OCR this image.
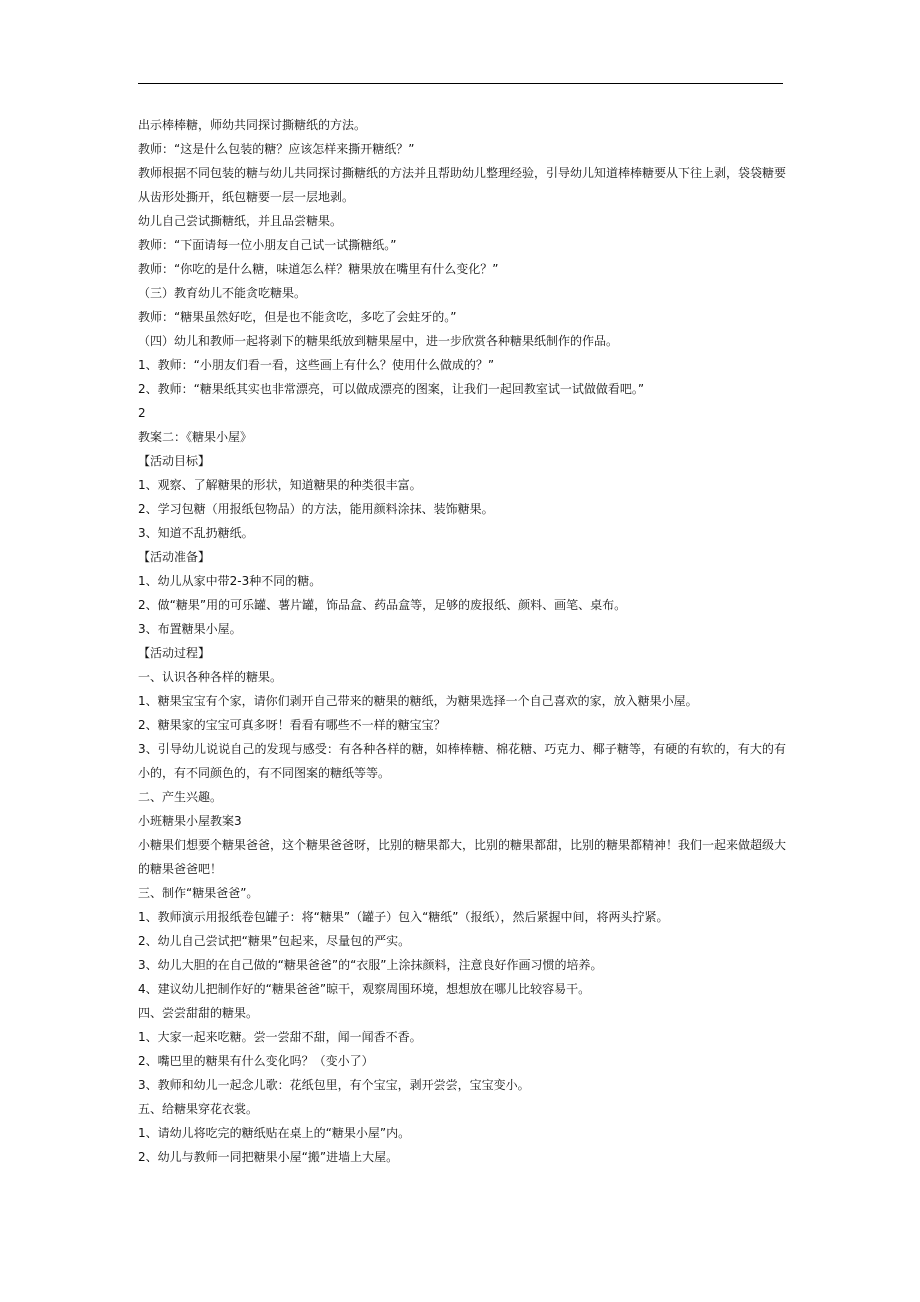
出示棒棒糖，师幼共同探讨撕糖纸的方法。

教师：“这是什么包装的糖？应该怎样来撕开糖纸？”

教师根据不同包装的糖与幼儿共同探讨撕糖纸的方法并且帮助幼儿整理经验，引导幼儿知道棒棒糖要从下往上剥，袋袋糖要从齿形处撕开，纸包糖要一层一层地剥。

幼儿自己尝试撕糖纸，并且品尝糖果。

教师：“下面请每一位小朋友自己试一试撕糖纸。”

教师：“你吃的是什么糖，味道怎么样？糖果放在嘴里有什么变化？”

（三）教育幼儿不能贪吃糖果。

教师：“糖果虽然好吃，但是也不能贪吃，多吃了会蛀牙的。”

（四）幼儿和教师一起将剥下的糖果纸放到糖果屋中，进一步欣赏各种糖果纸制作的作品。

1、教师：“小朋友们看一看，这些画上有什么？使用什么做成的？”

2、教师：“糖果纸其实也非常漂亮，可以做成漂亮的图案，让我们一起回教室试一试做做看吧。”

2

教案二：《糖果小屋》

【活动目标】

1、观察、了解糖果的形状，知道糖果的种类很丰富。

2、学习包糖（用报纸包物品）的方法，能用颜料涂抹、装饰糖果。

3、知道不乱扔糖纸。

【活动准备】

1、幼儿从家中带2-3种不同的糖。

2、做“糖果”用的可乐罐、薯片罐，饰品盒、药品盒等，足够的废报纸、颜料、画笔、桌布。

3、布置糖果小屋。

【活动过程】

一、认识各种各样的糖果。

1、糖果宝宝有个家，请你们剥开自己带来的糖果的糖纸，为糖果选择一个自己喜欢的家，放入糖果小屋。

2、糖果家的宝宝可真多呀！看看有哪些不一样的糖宝宝？

3、引导幼儿说说自己的发现与感受：有各种各样的糖，如棒棒糖、棉花糖、巧克力、椰子糖等，有硬的有软的，有大的有小的，有不同颜色的，有不同图案的糖纸等等。

二、产生兴趣。

小班糖果小屋教案3

小糖果们想要个糖果爸爸，这个糖果爸爸呀，比别的糖果都大，比别的糖果都甜，比别的糖果都精神！我们一起来做超级大的糖果爸爸吧！

三、制作“糖果爸爸”。

1、教师演示用报纸卷包罐子：将“糖果”（罐子）包入“糖纸”（报纸），然后紧握中间，将两头拧紧。

2、幼儿自己尝试把“糖果”包起来，尽量包的严实。

3、幼儿大胆的在自己做的“糖果爸爸”的“衣服”上涂抹颜料，注意良好作画习惯的培养。

4、建议幼儿把制作好的“糖果爸爸”晾干，观察周围环境，想想放在哪儿比较容易干。

四、尝尝甜甜的糖果。

1、大家一起来吃糖。尝一尝甜不甜，闻一闻香不香。

2、嘴巴里的糖果有什么变化吗？（变小了）

3、教师和幼儿一起念儿歌：花纸包里，有个宝宝，剥开尝尝，宝宝变小。

五、给糖果穿花衣裳。

1、请幼儿将吃完的糖纸贴在桌上的“糖果小屋”内。

2、幼儿与教师一同把糖果小屋“搬”进墙上大屋。
